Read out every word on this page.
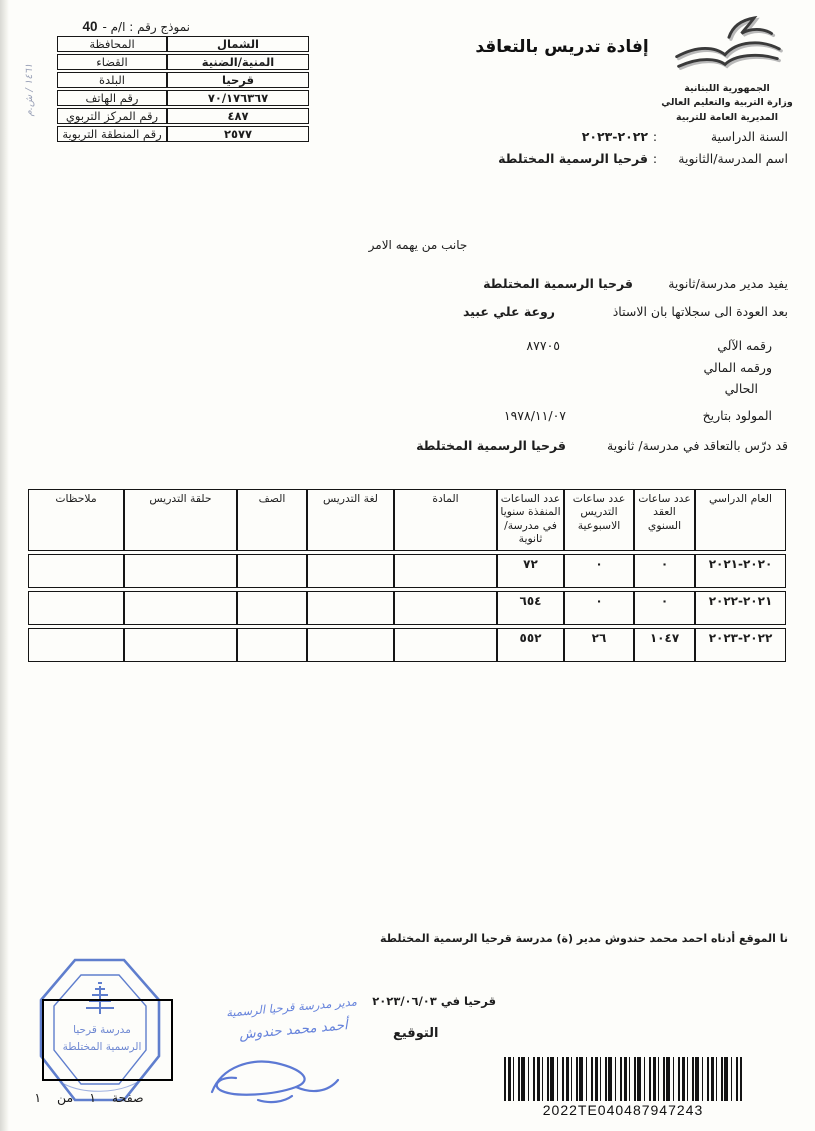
نموذج رقم : ا/م -
40
١٤٦١ / ش.م
الشمال	المحافظة
المنية/الضنية	القضاء
قرحيا	البلدة
٧٠/١٧٦٣٦٧	رقم الهاتف
٤٨٧	رقم المركز التربوي
٢٥٧٧	رقم المنطقة التربوية
الجمهورية اللبنانية
وزارة التربية والتعليم العالي
المديرية العامة للتربية
إفادة تدريس بالتعاقد
السنة الدراسية
:
٢٠٢٢-٢٠٢٣
اسم المدرسة/الثانوية
:
قرحيا الرسمية المختلطة
جانب من يهمه الامر
يفيد مدير مدرسة/ثانوية
قرحيا الرسمية المختلطة
بعد العودة الى سجلاتها بان الاستاذ
روعة علي عبيد
رقمه الآلي
٨٧٧٠٥
ورقمه المالي
الحالي
المولود بتاريخ
١٩٧٨/١١/٠٧
قد درّس بالتعاقد في مدرسة/ ثانوية
قرحيا الرسمية المختلطة
العام الدراسي	عدد ساعات العقد السنوي	عدد ساعات التدريس الاسبوعية	عدد الساعات المنفذة سنويا في مدرسة/ثانوية	المادة	لغة التدريس	الصف	حلقة التدريس	ملاحظات
٢٠٢٠-٢٠٢١	٠	٠	٧٢					
٢٠٢١-٢٠٢٢	٠	٠	٦٥٤					
٢٠٢٢-٢٠٢٣	١٠٤٧	٢٦	٥٥٢					
نا الموقع أدناه احمد محمد حندوش مدير (ة) مدرسة قرحيا الرسمية المختلطة
قرحيا في ٢٠٢٣/٠٦/٠٣
التوقيع
مدير مدرسة قرحيا الرسمية
أحمد محمد حندوش
مدرسة قرحيا
الرسمية المختلطة
صفحة ١ من ١
2022TE040487947243
